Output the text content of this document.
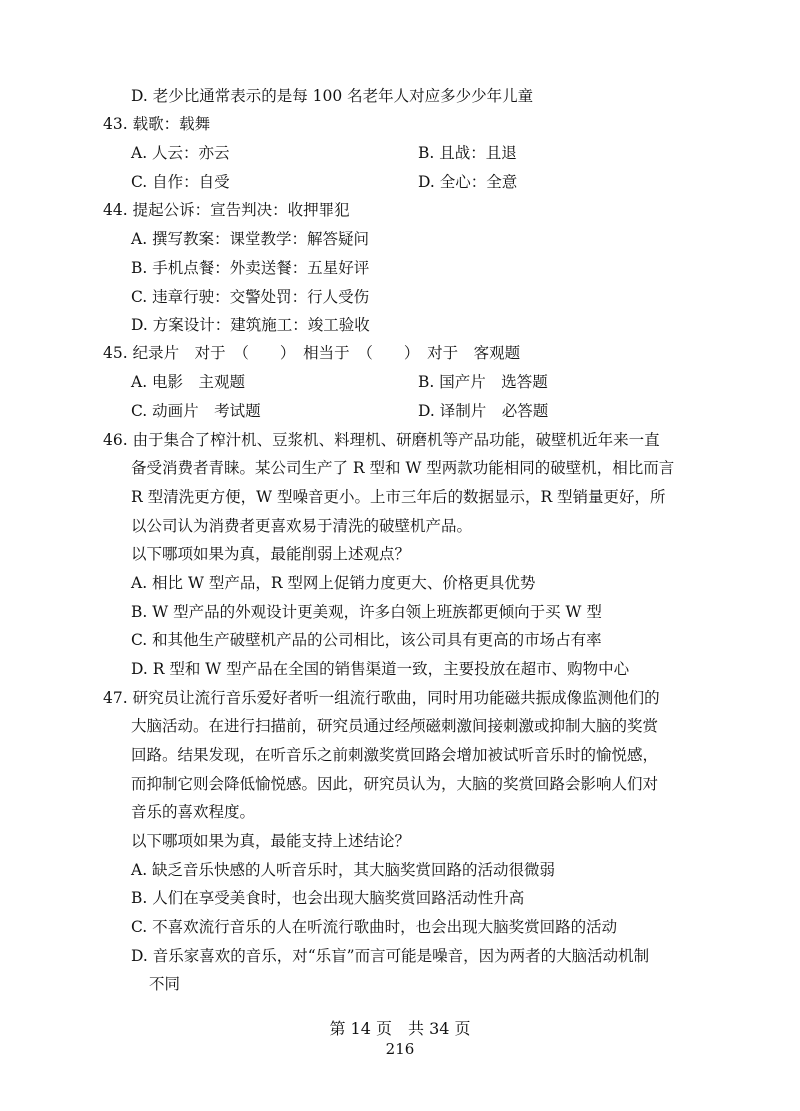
D. 老少比通常表示的是每 100 名老年人对应多少少年儿童
43. 载歌：载舞
A. 人云：亦云	B. 且战：且退
C. 自作：自受	D. 全心：全意
44. 提起公诉：宣告判决：收押罪犯
A. 撰写教案：课堂教学：解答疑问
B. 手机点餐：外卖送餐：五星好评
C. 违章行驶：交警处罚：行人受伤
D. 方案设计：建筑施工：竣工验收
45. 纪录片　对于　（　　）　相当于　（　　）　对于　客观题
A. 电影　主观题	B. 国产片　选答题
C. 动画片　考试题	D. 译制片　必答题
46. 由于集合了榨汁机、豆浆机、料理机、研磨机等产品功能，破壁机近年来一直
备受消费者青睐。某公司生产了 R 型和 W 型两款功能相同的破壁机，相比而言
R 型清洗更方便，W 型噪音更小。上市三年后的数据显示，R 型销量更好，所
以公司认为消费者更喜欢易于清洗的破壁机产品。
以下哪项如果为真，最能削弱上述观点？
A. 相比 W 型产品，R 型网上促销力度更大、价格更具优势
B. W 型产品的外观设计更美观，许多白领上班族都更倾向于买 W 型
C. 和其他生产破壁机产品的公司相比，该公司具有更高的市场占有率
D. R 型和 W 型产品在全国的销售渠道一致，主要投放在超市、购物中心
47. 研究员让流行音乐爱好者听一组流行歌曲，同时用功能磁共振成像监测他们的
大脑活动。在进行扫描前，研究员通过经颅磁刺激间接刺激或抑制大脑的奖赏
回路。结果发现，在听音乐之前刺激奖赏回路会增加被试听音乐时的愉悦感，
而抑制它则会降低愉悦感。因此，研究员认为，大脑的奖赏回路会影响人们对
音乐的喜欢程度。
以下哪项如果为真，最能支持上述结论？
A. 缺乏音乐快感的人听音乐时，其大脑奖赏回路的活动很微弱
B. 人们在享受美食时，也会出现大脑奖赏回路活动性升高
C. 不喜欢流行音乐的人在听流行歌曲时，也会出现大脑奖赏回路的活动
D. 音乐家喜欢的音乐，对“乐盲”而言可能是噪音，因为两者的大脑活动机制
不同
第 14 页　共 34 页
216
